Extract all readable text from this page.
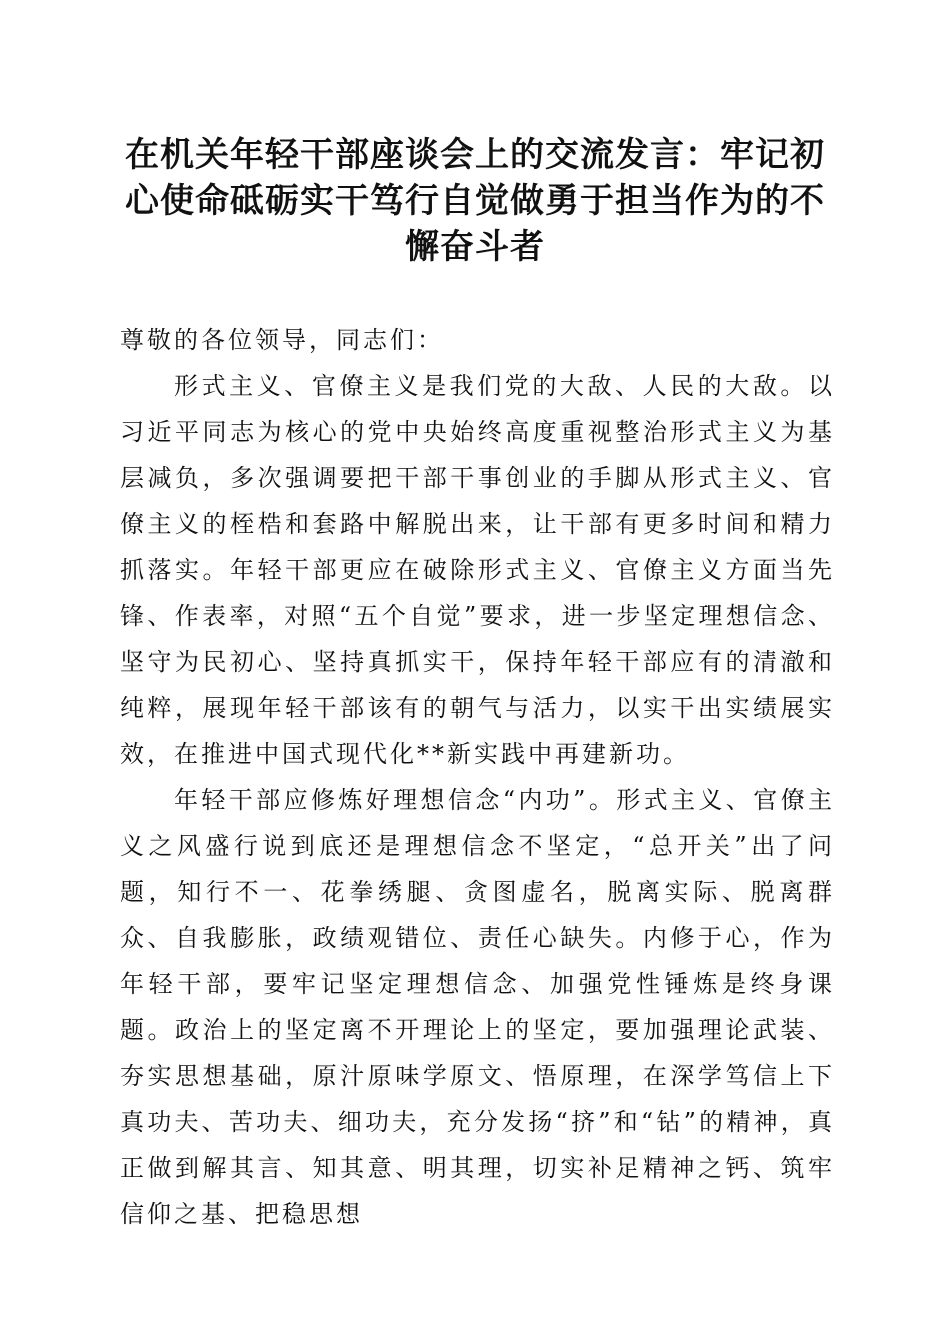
在机关年轻干部座谈会上的交流发言：牢记初心使命砥砺实干笃行自觉做勇于担当作为的不懈奋斗者

尊敬的各位领导，同志们：

形式主义、官僚主义是我们党的大敌、人民的大敌。以习近平同志为核心的党中央始终高度重视整治形式主义为基层减负，多次强调要把干部干事创业的手脚从形式主义、官僚主义的桎梏和套路中解脱出来，让干部有更多时间和精力抓落实。年轻干部更应在破除形式主义、官僚主义方面当先锋、作表率，对照“五个自觉”要求，进一步坚定理想信念、坚守为民初心、坚持真抓实干，保持年轻干部应有的清澈和纯粹，展现年轻干部该有的朝气与活力，以实干出实绩展实效，在推进中国式现代化**新实践中再建新功。

年轻干部应修炼好理想信念“内功”。形式主义、官僚主义之风盛行说到底还是理想信念不坚定，“总开关”出了问题，知行不一、花拳绣腿、贪图虚名，脱离实际、脱离群众、自我膨胀，政绩观错位、责任心缺失。内修于心，作为年轻干部，要牢记坚定理想信念、加强党性锤炼是终身课题。政治上的坚定离不开理论上的坚定，要加强理论武装、夯实思想基础，原汁原味学原文、悟原理，在深学笃信上下真功夫、苦功夫、细功夫，充分发扬“挤”和“钻”的精神，真正做到解其言、知其意、明其理，切实补足精神之钙、筑牢信仰之基、把稳思想
